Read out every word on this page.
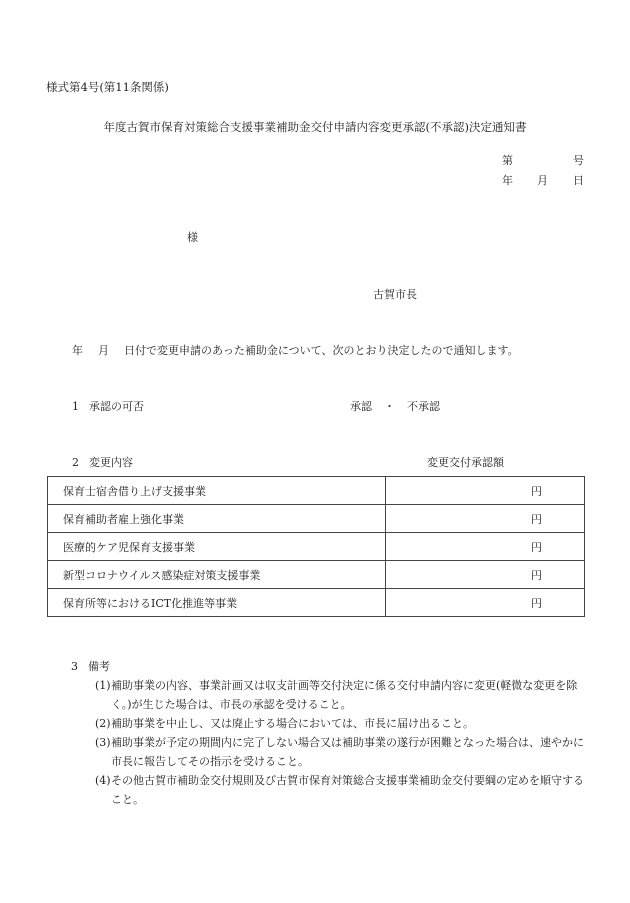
様式第4号(第11条関係)
年度古賀市保育対策総合支援事業補助金交付申請内容変更承認(不承認)決定通知書
第	号
年 月 日
様
古賀市長
年 月 日付で変更申請のあった補助金について、次のとおり決定したので通知します。
1 承認の可否	承認 ・ 不承認
2 変更内容	変更交付承認額
保育士宿舎借り上げ支援事業	円
保育補助者雇上強化事業	円
医療的ケア児保育支援事業	円
新型コロナウイルス感染症対策支援事業	円
保育所等におけるICT化推進等事業	円
3 備考
(1) 補助事業の内容、事業計画又は収支計画等交付決定に係る交付申請内容に変更(軽微な変更を除く。)が生じた場合は、市長の承認を受けること。
(2) 補助事業を中止し、又は廃止する場合においては、市長に届け出ること。
(3) 補助事業が予定の期間内に完了しない場合又は補助事業の遂行が困難となった場合は、速やかに市長に報告してその指示を受けること。
(4) その他古賀市補助金交付規則及び古賀市保育対策総合支援事業補助金交付要綱の定めを順守すること。
